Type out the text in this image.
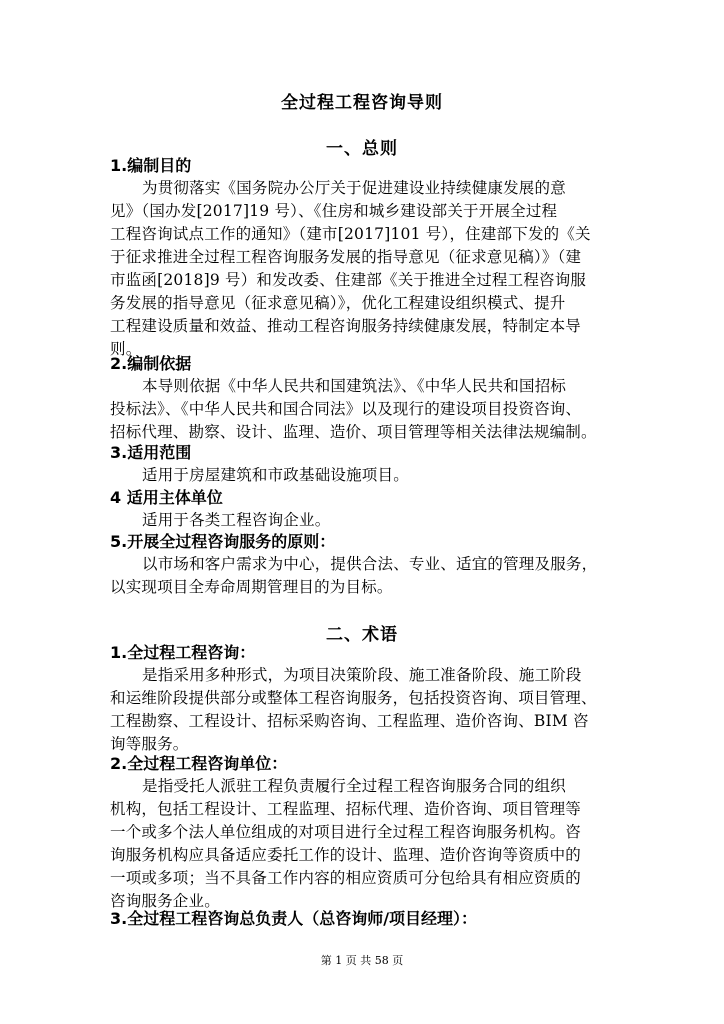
全过程工程咨询导则
一、总则
1.编制目的
为贯彻落实《国务院办公厅关于促进建设业持续健康发展的意
见》（国办发[2017]19 号）、《住房和城乡建设部关于开展全过程
工程咨询试点工作的通知》（建市[2017]101 号），住建部下发的《关
于征求推进全过程工程咨询服务发展的指导意见（征求意见稿）》（建
市监函[2018]9 号）和发改委、住建部《关于推进全过程工程咨询服
务发展的指导意见（征求意见稿）》，优化工程建设组织模式、提升
工程建设质量和效益、推动工程咨询服务持续健康发展，特制定本导
则。
2.编制依据
本导则依据《中华人民共和国建筑法》、《中华人民共和国招标
投标法》、《中华人民共和国合同法》以及现行的建设项目投资咨询、
招标代理、勘察、设计、监理、造价、项目管理等相关法律法规编制。
3.适用范围
适用于房屋建筑和市政基础设施项目。
4 适用主体单位
适用于各类工程咨询企业。
5.开展全过程咨询服务的原则：
以市场和客户需求为中心，提供合法、专业、适宜的管理及服务，
以实现项目全寿命周期管理目的为目标。
二、术语
1.全过程工程咨询：
是指采用多种形式，为项目决策阶段、施工准备阶段、施工阶段
和运维阶段提供部分或整体工程咨询服务，包括投资咨询、项目管理、
工程勘察、工程设计、招标采购咨询、工程监理、造价咨询、BIM 咨
询等服务。
2.全过程工程咨询单位：
是指受托人派驻工程负责履行全过程工程咨询服务合同的组织
机构，包括工程设计、工程监理、招标代理、造价咨询、项目管理等
一个或多个法人单位组成的对项目进行全过程工程咨询服务机构。咨
询服务机构应具备适应委托工作的设计、监理、造价咨询等资质中的
一项或多项；当不具备工作内容的相应资质可分包给具有相应资质的
咨询服务企业。
3.全过程工程咨询总负责人（总咨询师/项目经理）：
第 1 页 共 58 页
